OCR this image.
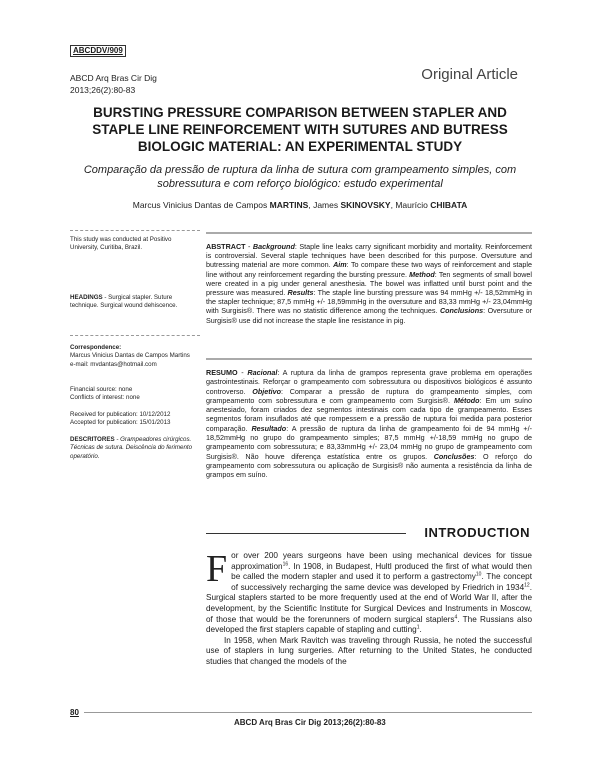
ABCDDV/909
ABCD Arq Bras Cir Dig
2013;26(2):80-83
Original Article
BURSTING PRESSURE COMPARISON BETWEEN STAPLER AND STAPLE LINE REINFORCEMENT WITH SUTURES AND BUTRESS BIOLOGIC MATERIAL: AN EXPERIMENTAL STUDY

Comparação da pressão de ruptura da linha de sutura com grampeamento simples, com sobressutura e com reforço biológico: estudo experimental

Marcus Vinicius Dantas de Campos MARTINS, James SKINOVSKY, Maurício CHIBATA
This study was conducted at Positivo University, Curitiba, Brazil.
HEADINGS - Surgical stapler. Suture technique. Surgical wound dehiscence.
Correspondence:
Marcus Vinicius Dantas de Campos Martins
e-mail: mvdantas@hotmail.com
Financial source: none
Conflicts of interest: none
Received for publication: 10/12/2012
Accepted for publication: 15/01/2013
DESCRITORES - Grampeadores cirúrgicos. Técnicas de sutura. Deiscência do ferimento operatório.
ABSTRACT - Background: Staple line leaks carry significant morbidity and mortality. Reinforcement is controversial. Several staple techniques have been described for this purpose. Oversuture and butressing material are more common. Aim: To compare these two ways of reinforcement and staple line without any reinforcement regarding the bursting pressure. Method: Ten segments of small bowel were created in a pig under general anesthesia. The bowel was inflatted until burst point and the pressure was measured. Results: The staple line bursting pressure was 94 mmHg +/- 18,52mmHg in the stapler technique; 87,5 mmHg +/- 18,59mmHg in the oversuture and 83,33 mmHg +/- 23,04mmHg with Surgisis®. There was no statistic difference among the techniques. Conclusions: Oversuture or Surgisis® use did not increase the staple line resistance in pig.
RESUMO - Racional: A ruptura da linha de grampos representa grave problema em operações gastrointestinais. Reforçar o grampeamento com sobressutura ou dispositivos biológicos é assunto controverso. Objetivo: Comparar a pressão de ruptura do grampeamento simples, com grampeamento com sobressutura e com grampeamento com Surgisis®. Método: Em um suíno anestesiado, foram criados dez segmentos intestinais com cada tipo de grampeamento. Esses segmentos foram insuflados até que rompessem e a pressão de ruptura foi medida para posterior comparação. Resultado: A pressão de ruptura da linha de grampeamento foi de 94 mmHg +/- 18,52mmHg no grupo do grampeamento simples; 87,5 mmHg +/-18,59 mmHg no grupo de grampeamento com sobressutura; e 83,33mmHg +/- 23,04 mmHg no grupo de grampeamento com Surgisis®. Não houve diferença estatística entre os grupos. Conclusões: O reforço do grampeamento com sobressutura ou aplicação de Surgisis® não aumenta a resistência da linha de grampos em suíno.
INTRODUCTION

For over 200 years surgeons have been using mechanical devices for tissue approximation$^{16}$. In 1908, in Budapest, Hultl produced the first of what would then be called the modern stapler and used it to perform a gastrectomy$^{10}$. The concept of successively recharging the same device was developed by Friedrich in 1934$^{12}$. Surgical staplers started to be more frequently used at the end of World War II, after the development, by the Scientific Institute for Surgical Devices and Instruments in Moscow, of those that would be the forerunners of modern surgical staplers$^4$. The Russians also developed the first staplers capable of stapling and cutting$^1$.

In 1958, when Mark Ravitch was traveling through Russia, he noted the successful use of staplers in lung surgeries. After returning to the United States, he conducted studies that changed the models of the

80
ABCD Arq Bras Cir Dig 2013;26(2):80-83
